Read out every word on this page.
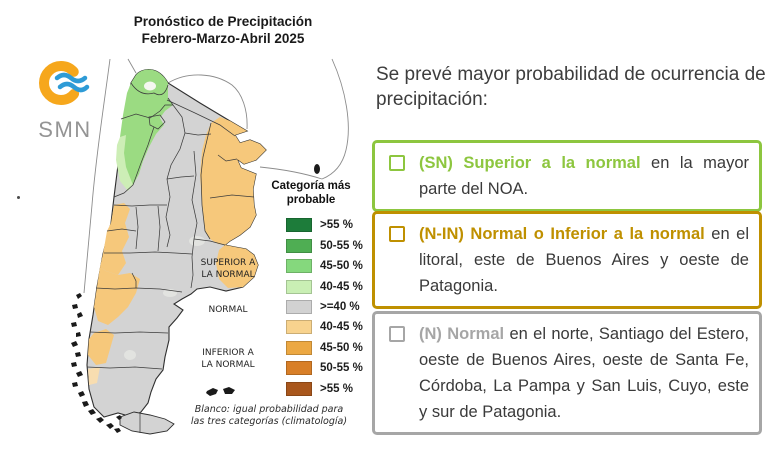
Pronóstico de Precipitación
Febrero-Marzo-Abril 2025
SMN
Categoría más
probable
>55 %
50-55 %
45-50 %
40-45 %
>=40 %
40-45 %
45-50 %
50-55 %
>55 %
SUPERIOR A
LA NORMAL
NORMAL
INFERIOR A
LA NORMAL
Blanco: igual probabilidad para
las tres categorías (climatología)
Se prevé mayor probabilidad de ocurrencia de precipitación:
(SN) Superior a la normal en la mayor parte del NOA.
(N-IN) Normal o Inferior a la normal en el litoral, este de Buenos Aires y oeste de Patagonia.
(N) Normal en el norte, Santiago del Estero, oeste de Buenos Aires, oeste de Santa Fe, Córdoba, La Pampa y San Luis, Cuyo, este y sur de Patagonia.
